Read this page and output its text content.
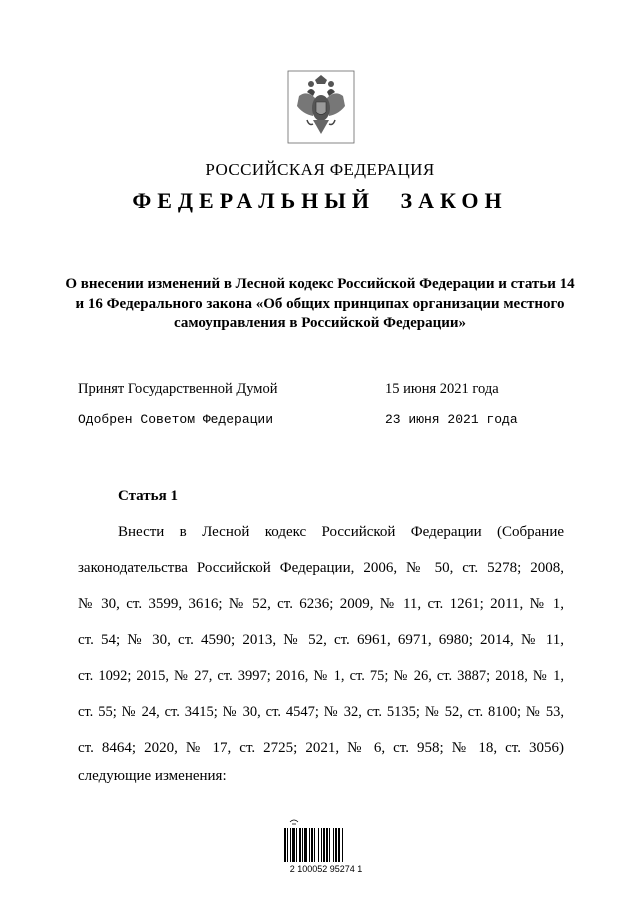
РОССИЙСКАЯ ФЕДЕРАЦИЯ
ФЕДЕРАЛЬНЫЙ ЗАКОН
О внесении изменений в Лесной кодекс Российской Федерации и статьи 14 и 16 Федерального закона «Об общих принципах организации местного самоуправления в Российской Федерации»
Принят Государственной Думой	15 июня 2021 года
Одобрен Советом Федерации	23 июня 2021 года
Статья 1
Внести в Лесной кодекс Российской Федерации (Собрание
законодательства Российской Федерации, 2006, № 50, ст. 5278; 2008,
№ 30, ст. 3599, 3616; № 52, ст. 6236; 2009, № 11, ст. 1261; 2011, № 1,
ст. 54; № 30, ст. 4590; 2013, № 52, ст. 6961, 6971, 6980; 2014, № 11,
ст. 1092; 2015, № 27, ст. 3997; 2016, № 1, ст. 75; № 26, ст. 3887; 2018, № 1,
ст. 55; № 24, ст. 3415; № 30, ст. 4547; № 32, ст. 5135; № 52, ст. 8100; № 53,
ст. 8464; 2020, № 17, ст. 2725; 2021, № 6, ст. 958; № 18, ст. 3056)
следующие изменения:
2 100052 95274 1
